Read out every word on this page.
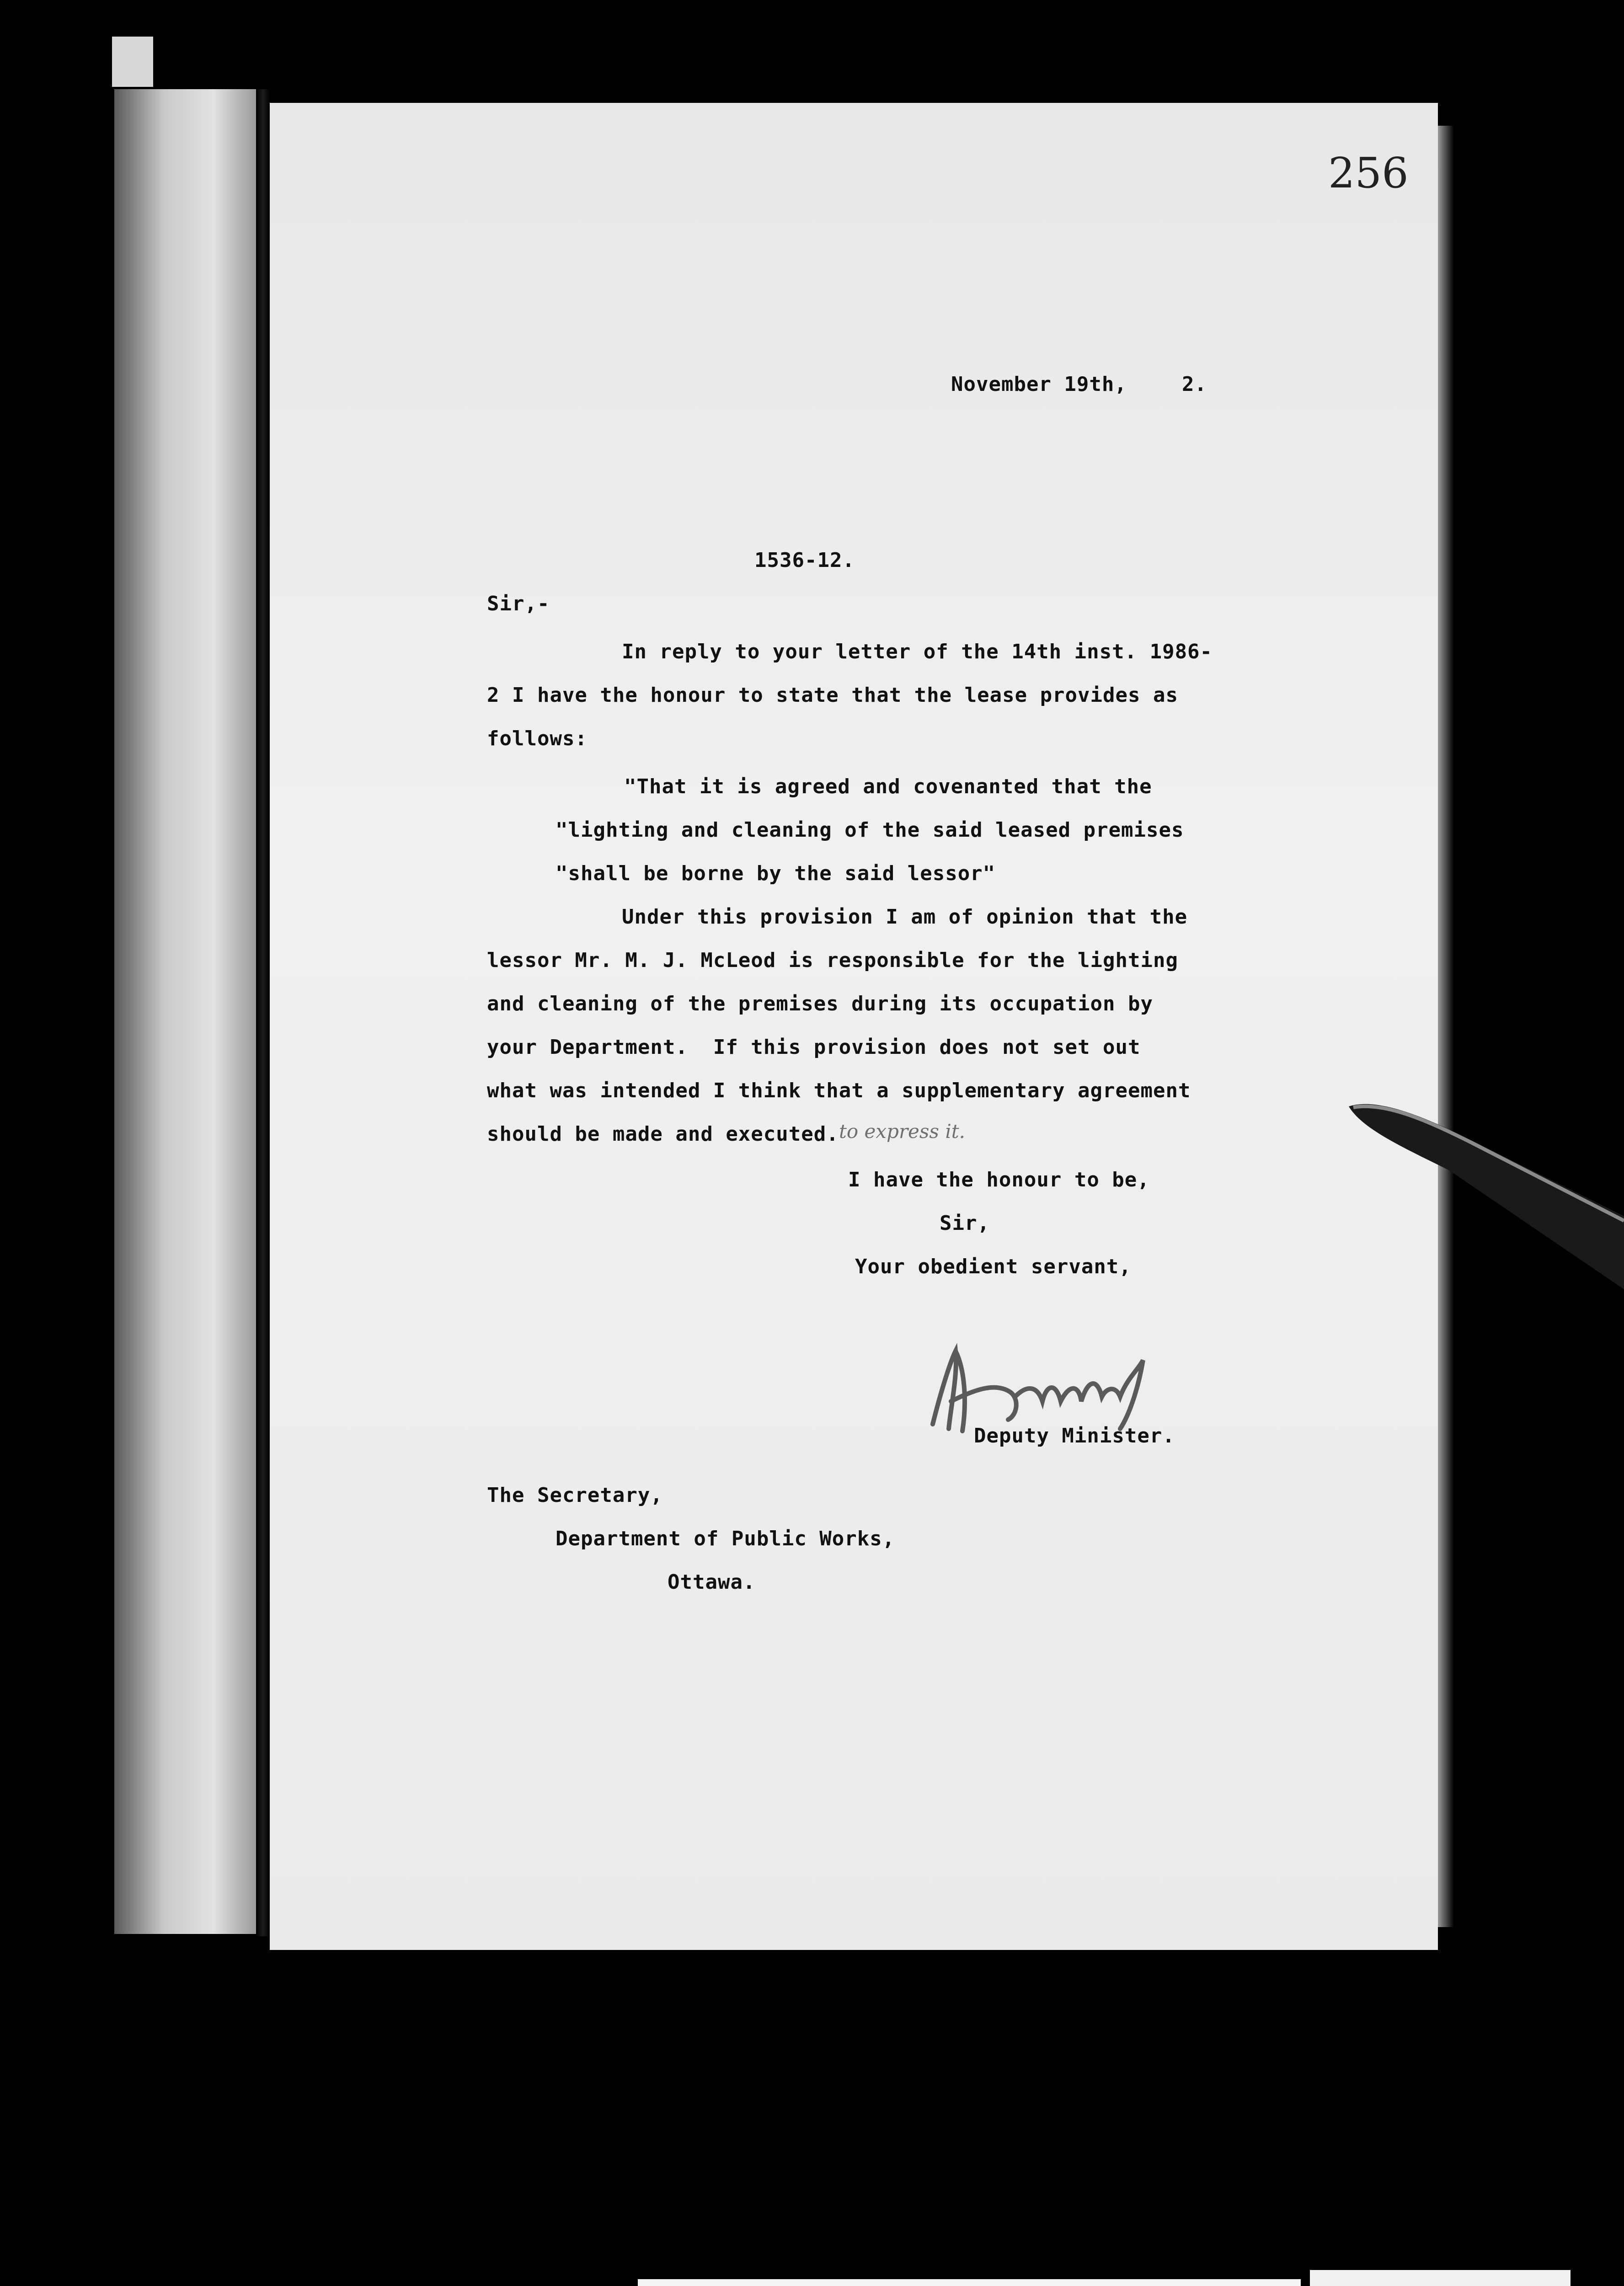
256
November 19th,	2.
1536-12.
Sir,-
In reply to your letter of the 14th inst. 1986-
2 I have the honour to state that the lease provides as
follows:
"That it is agreed and covenanted that the
"lighting and cleaning of the said leased premises
"shall be borne by the said lessor"
Under this provision I am of opinion that the
lessor Mr. M. J. McLeod is responsible for the lighting
and cleaning of the premises during its occupation by
your Department.  If this provision does not set out
what was intended I think that a supplementary agreement
should be made and executed. to express it.
I have the honour to be,
Sir,
Your obedient servant,
Deputy Minister.
The Secretary,
Department of Public Works,
Ottawa.
